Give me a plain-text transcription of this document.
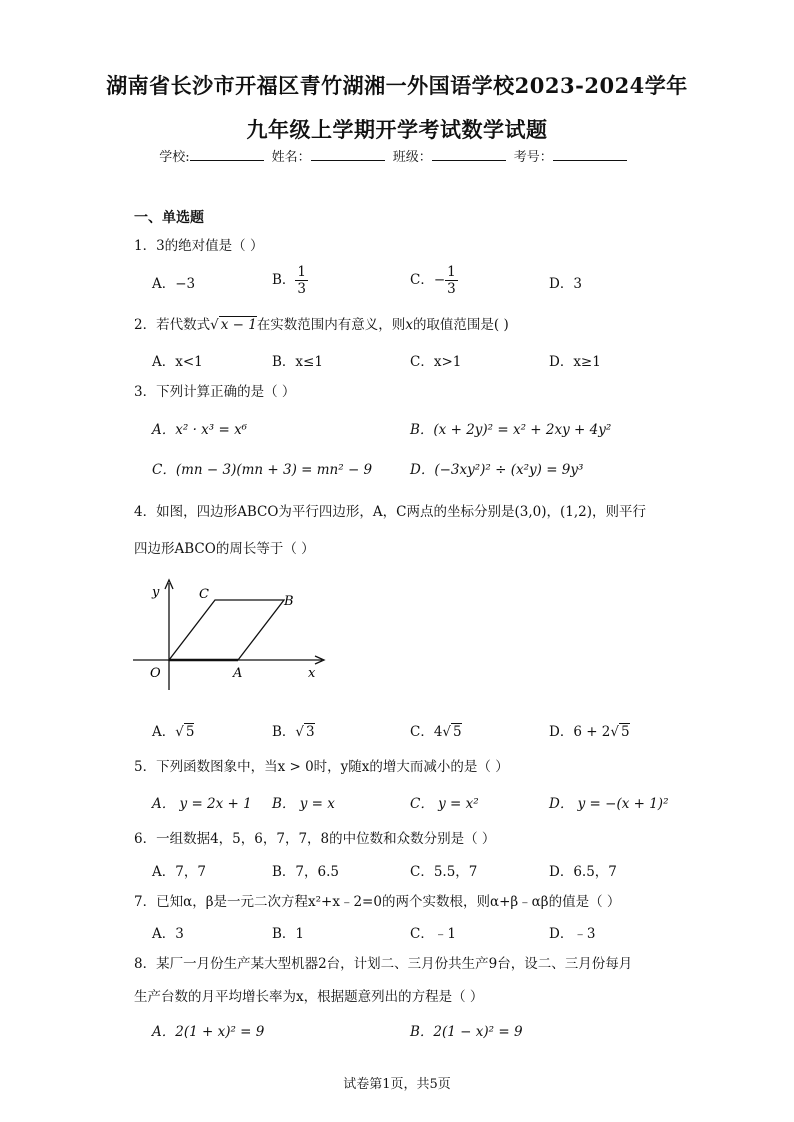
湖南省长沙市开福区青竹湖湘一外国语学校2023-2024学年
九年级上学期开学考试数学试题
学校:	姓名：	班级：	考号：
一、单选题
1．3的绝对值是（ ）
A．−3	B． $\frac{1}{3}$	C．− $\frac{1}{3}$	D．3
2．若代数式√ x − 1在实数范围内有意义，则x的取值范围是( )
A．x<1	B．x≤1	C．x>1	D．x≥1
3．下列计算正确的是（ ）
A．x² · x³ = x⁶	B．(x + 2y)² = x² + 2xy + 4y²
C．(mn − 3)(mn + 3) = mn² − 9	D．(−3xy²)² ÷ (x²y) = 9y³
4．如图，四边形ABCO为平行四边形，A，C两点的坐标分别是(3,0)，(1,2)，则平行
四边形ABCO的周长等于（ ）
y
x
O	A
B
C
A．√ 5	B．√ 3	C．4√ 5	D．6 + 2√ 5
5．下列函数图象中，当x > 0时，y随x的增大而减小的是（ ）
A． y = 2x + 1 B． y = x	C． y = x²	D． y = −(x + 1)²
6．一组数据4，5，6，7，7，8的中位数和众数分别是（ ）
A．7，7	B．7，6.5	C．5.5，7	D．6.5，7
7．已知α，β是一元二次方程x²+x﹣2=0的两个实数根，则α+β﹣αβ的值是（ ）
A．3	B．1	C．﹣1	D．﹣3
8．某厂一月份生产某大型机器2台，计划二、三月份共生产9台，设二、三月份每月
生产台数的月平均增长率为x，根据题意列出的方程是（ ）
A．2(1 + x)² = 9	B．2(1 − x)² = 9
试卷第1页，共5页
